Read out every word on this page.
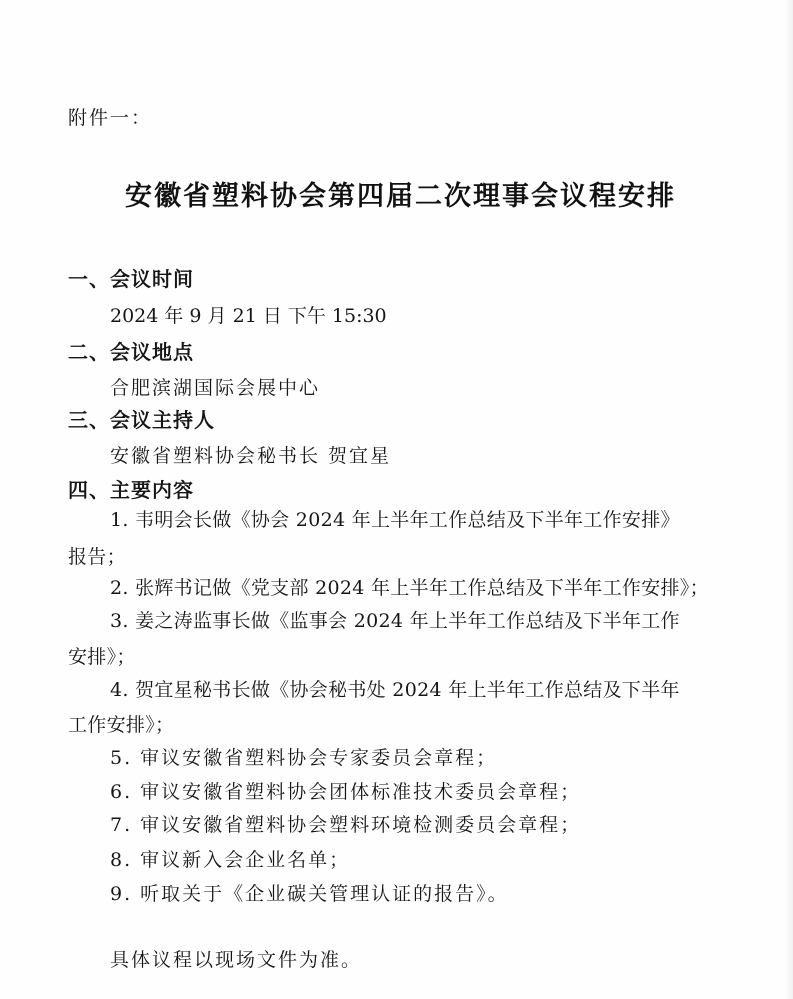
附件一：
安徽省塑料协会第四届二次理事会议程安排
一、会议时间
2024 年 9 月 21 日 下午 15:30
二、会议地点
合肥滨湖国际会展中心
三、会议主持人
安徽省塑料协会秘书长 贺宜星
四、主要内容
1. 韦明会长做《协会 2024 年上半年工作总结及下半年工作安排》
报告；
2. 张辉书记做《党支部 2024 年上半年工作总结及下半年工作安排》；
3. 姜之涛监事长做《监事会 2024 年上半年工作总结及下半年工作
安排》；
4. 贺宜星秘书长做《协会秘书处 2024 年上半年工作总结及下半年
工作安排》；
5. 审议安徽省塑料协会专家委员会章程；
6. 审议安徽省塑料协会团体标准技术委员会章程；
7. 审议安徽省塑料协会塑料环境检测委员会章程；
8. 审议新入会企业名单；
9. 听取关于《企业碳关管理认证的报告》。
具体议程以现场文件为准。
